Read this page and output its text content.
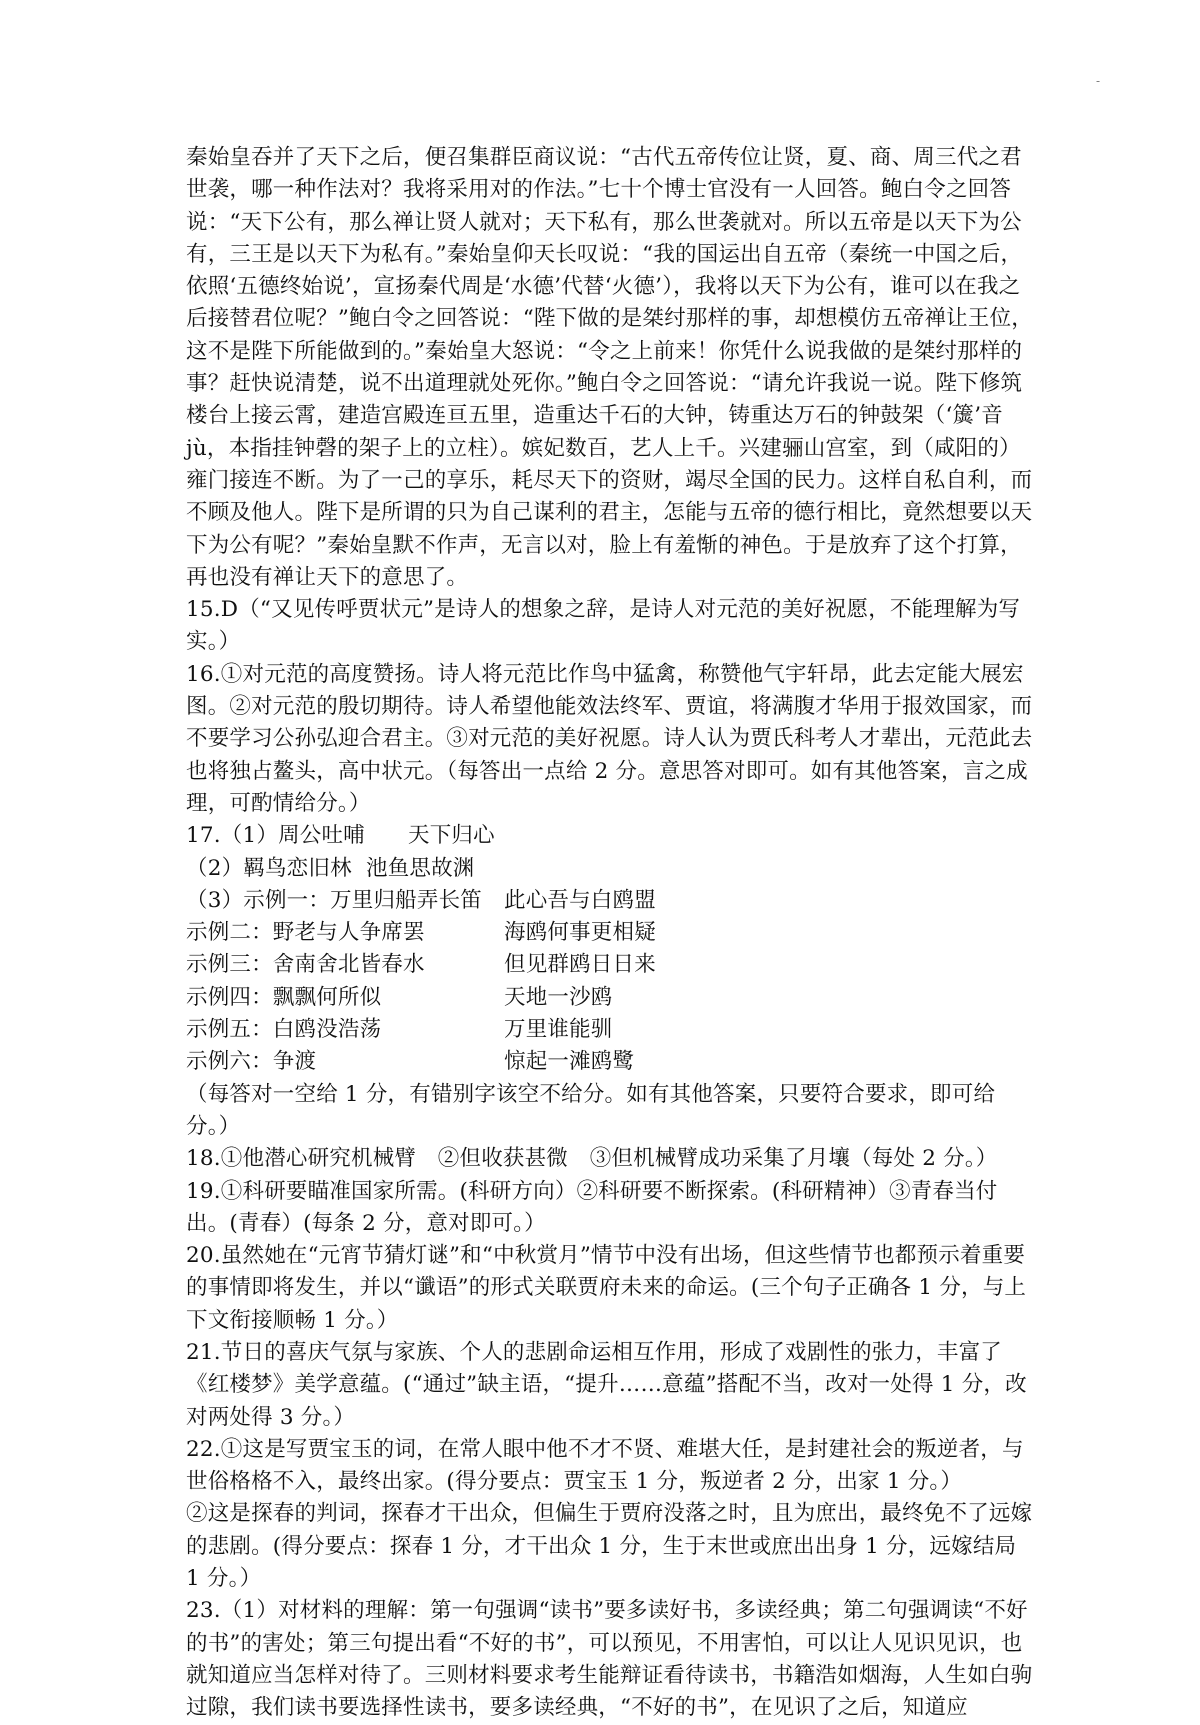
-

秦始皇吞并了天下之后，便召集群臣商议说：“古代五帝传位让贤，夏、商、周三代之君世袭，哪一种作法对？我将采用对的作法。”七十个博士官没有一人回答。鲍白令之回答说：“天下公有，那么禅让贤人就对；天下私有，那么世袭就对。所以五帝是以天下为公有，三王是以天下为私有。”秦始皇仰天长叹说：“我的国运出自五帝（秦统一中国之后，依照‘五德终始说’，宣扬秦代周是‘水德’代替‘火德’），我将以天下为公有，谁可以在我之后接替君位呢？”鲍白令之回答说：“陛下做的是桀纣那样的事，却想模仿五帝禅让王位，这不是陛下所能做到的。”秦始皇大怒说：“令之上前来！你凭什么说我做的是桀纣那样的事？赶快说清楚，说不出道理就处死你。”鲍白令之回答说：“请允许我说一说。陛下修筑楼台上接云霄，建造宫殿连亘五里，造重达千石的大钟，铸重达万石的钟鼓架（‘簴’音 jù，本指挂钟磬的架子上的立柱）。嫔妃数百，艺人上千。兴建骊山宫室，到（咸阳的）雍门接连不断。为了一己的享乐，耗尽天下的资财，竭尽全国的民力。这样自私自利，而不顾及他人。陛下是所谓的只为自己谋利的君主，怎能与五帝的德行相比，竟然想要以天下为公有呢？”秦始皇默不作声，无言以对，脸上有羞惭的神色。于是放弃了这个打算，再也没有禅让天下的意思了。

15.D（“又见传呼贾状元”是诗人的想象之辞，是诗人对元范的美好祝愿，不能理解为写实。）

16.①对元范的高度赞扬。诗人将元范比作鸟中猛禽，称赞他气宇轩昂，此去定能大展宏图。②对元范的殷切期待。诗人希望他能效法终军、贾谊，将满腹才华用于报效国家，而不要学习公孙弘迎合君主。③对元范的美好祝愿。诗人认为贾氏科考人才辈出，元范此去也将独占鳌头，高中状元。（每答出一点给 2 分。意思答对即可。如有其他答案，言之成理，可酌情给分。）

17.（1）周公吐哺	天下归心
（2）羁鸟恋旧林 池鱼思故渊
（3）示例一：万里归船弄长笛	此心吾与白鸥盟
示例二：野老与人争席罢	海鸥何事更相疑
示例三：舍南舍北皆春水	但见群鸥日日来
示例四：飘飘何所似	天地一沙鸥
示例五：白鸥没浩荡	万里谁能驯
示例六：争渡	惊起一滩鸥鹭

（每答对一空给 1 分，有错别字该空不给分。如有其他答案，只要符合要求，即可给分。）

18.①他潜心研究机械臂　②但收获甚微　③但机械臂成功采集了月壤（每处 2 分。）

19.①科研要瞄准国家所需。(科研方向）②科研要不断探索。(科研精神）③青春当付出。(青春）(每条 2 分，意对即可。）

20.虽然她在“元宵节猜灯谜”和“中秋赏月”情节中没有出场，但这些情节也都预示着重要的事情即将发生，并以“谶语”的形式关联贾府未来的命运。(三个句子正确各 1 分，与上下文衔接顺畅 1 分。）

21.节日的喜庆气氛与家族、个人的悲剧命运相互作用，形成了戏剧性的张力，丰富了《红楼梦》美学意蕴。(“通过”缺主语，“提升……意蕴”搭配不当，改对一处得 1 分，改对两处得 3 分。）

22.①这是写贾宝玉的词，在常人眼中他不才不贤、难堪大任，是封建社会的叛逆者，与世俗格格不入，最终出家。(得分要点：贾宝玉 1 分，叛逆者 2 分，出家 1 分。）

②这是探春的判词，探春才干出众，但偏生于贾府没落之时，且为庶出，最终免不了远嫁的悲剧。(得分要点：探春 1 分，才干出众 1 分，生于末世或庶出出身 1 分，远嫁结局 1 分。）

23.（1）对材料的理解：第一句强调“读书”要多读好书，多读经典；第二句强调读“不好的书”的害处；第三句提出看“不好的书”，可以预见，不用害怕，可以让人见识见识，也就知道应当怎样对待了。三则材料要求考生能辩证看待读书，书籍浩如烟海，人生如白驹过隙，我们读书要选择性读书，要多读经典，“不好的书”，在见识了之后，知道应
